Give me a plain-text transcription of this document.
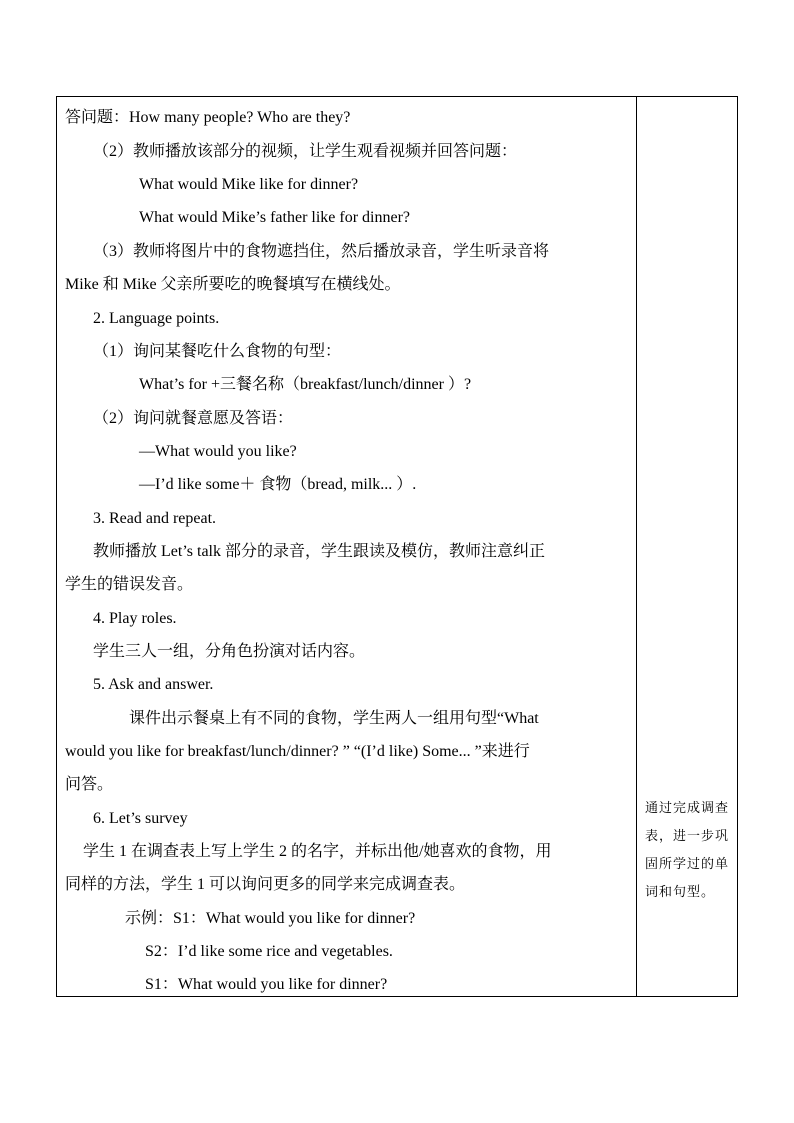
答问题：How many people? Who are they?
（2）教师播放该部分的视频，让学生观看视频并回答问题：
What would Mike like for dinner?
What would Mike’s father like for dinner?
（3）教师将图片中的食物遮挡住，然后播放录音，学生听录音将
Mike 和 Mike 父亲所要吃的晚餐填写在横线处。
2. Language points.
（1）询问某餐吃什么食物的句型：
What’s for +三餐名称（breakfast/lunch/dinner ）?
（2）询问就餐意愿及答语：
—What would you like?
—I’d like some＋ 食物（bread, milk... ）.
3. Read and repeat.
教师播放 Let’s talk 部分的录音，学生跟读及模仿，教师注意纠正
学生的错误发音。
4. Play roles.
学生三人一组，分角色扮演对话内容。
5. Ask and answer.
课件出示餐桌上有不同的食物，学生两人一组用句型“What
would you like for breakfast/lunch/dinner? ” “(I’d like) Some... ”来进行
问答。
6. Let’s survey
学生 1 在调查表上写上学生 2 的名字，并标出他/她喜欢的食物，用
同样的方法，学生 1 可以询问更多的同学来完成调查表。
示例：S1：What would you like for dinner?
S2：I’d like some rice and vegetables.
S1：What would you like for dinner?
通过完成调查表，进一步巩固所学过的单词和句型。
